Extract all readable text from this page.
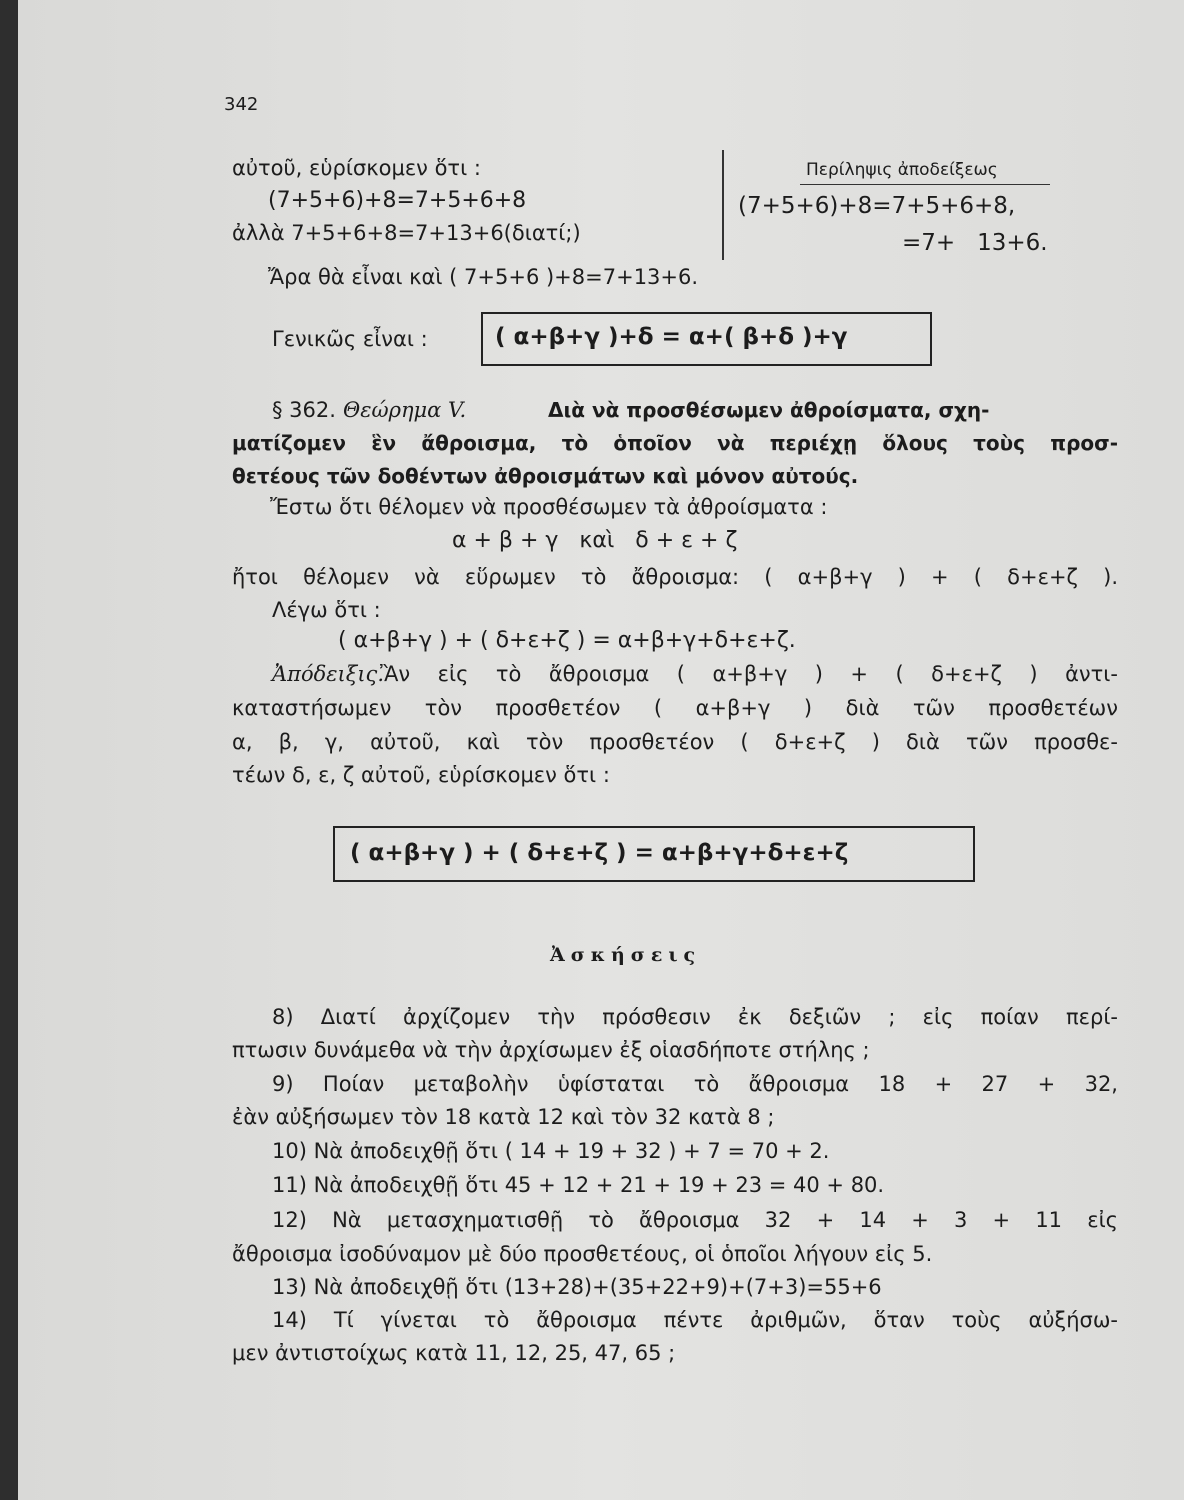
342
αὐτοῦ, εὑρίσκομεν ὅτι :
(7+5+6)+8=7+5+6+8
ἀλλὰ 7+5+6+8=7+13+6(διατί;)
Ἄρα θὰ εἶναι καὶ ( 7+5+6 )+8=7+13+6.
Περίληψις ἀποδείξεως
(7+5+6)+8=7+5+6+8,
=7+   13+6.
Γενικῶς εἶναι :	( α+β+γ )+δ = α+( β+δ )+γ
§ 362. Θεώρημα V.	Διὰ νὰ προσθέσωμεν ἀθροίσματα, σχη-
ματίζομεν ἓν ἄθροισμα, τὸ ὁποῖον νὰ περιέχῃ ὅλους τοὺς προσ-
θετέους τῶν δοθέντων ἀθροισμάτων καὶ μόνον αὐτούς.
Ἔστω ὅτι θέλομεν νὰ προσθέσωμεν τὰ ἀθροίσματα :
α + β + γ   καὶ   δ + ε + ζ
ἤτοι θέλομεν νὰ εὕρωμεν τὸ ἄθροισμα: ( α+β+γ ) + ( δ+ε+ζ ).
Λέγω ὅτι :
( α+β+γ ) + ( δ+ε+ζ ) = α+β+γ+δ+ε+ζ.
Ἀπόδειξις.
Ἂν εἰς τὸ ἄθροισμα ( α+β+γ ) + ( δ+ε+ζ ) ἀντι-
καταστήσωμεν τὸν προσθετέον ( α+β+γ ) διὰ τῶν προσθετέων
α, β, γ, αὐτοῦ, καὶ τὸν προσθετέον ( δ+ε+ζ ) διὰ τῶν προσθε-
τέων δ, ε, ζ αὐτοῦ, εὑρίσκομεν ὅτι :
( α+β+γ ) + ( δ+ε+ζ ) = α+β+γ+δ+ε+ζ
Ἀσκήσεις
8) Διατί ἀρχίζομεν τὴν πρόσθεσιν ἐκ δεξιῶν ; εἰς ποίαν περί-
πτωσιν δυνάμεθα νὰ τὴν ἀρχίσωμεν ἐξ οἱασδήποτε στήλης ;
9) Ποίαν μεταβολὴν ὑφίσταται τὸ ἄθροισμα 18 + 27 + 32,
ἐὰν αὐξήσωμεν τὸν 18 κατὰ 12 καὶ τὸν 32 κατὰ 8 ;
10) Νὰ ἀποδειχθῇ ὅτι ( 14 + 19 + 32 ) + 7 = 70 + 2.
11) Νὰ ἀποδειχθῇ ὅτι 45 + 12 + 21 + 19 + 23 = 40 + 80.
12) Νὰ μετασχηματισθῇ τὸ ἄθροισμα 32 + 14 + 3 + 11 εἰς
ἄθροισμα ἰσοδύναμον μὲ δύο προσθετέους, οἱ ὁποῖοι λήγουν εἰς 5.
13) Νὰ ἀποδειχθῇ ὅτι (13+28)+(35+22+9)+(7+3)=55+6
14) Τί γίνεται τὸ ἄθροισμα πέντε ἀριθμῶν, ὅταν τοὺς αὐξήσω-
μεν ἀντιστοίχως κατὰ 11, 12, 25, 47, 65 ;
